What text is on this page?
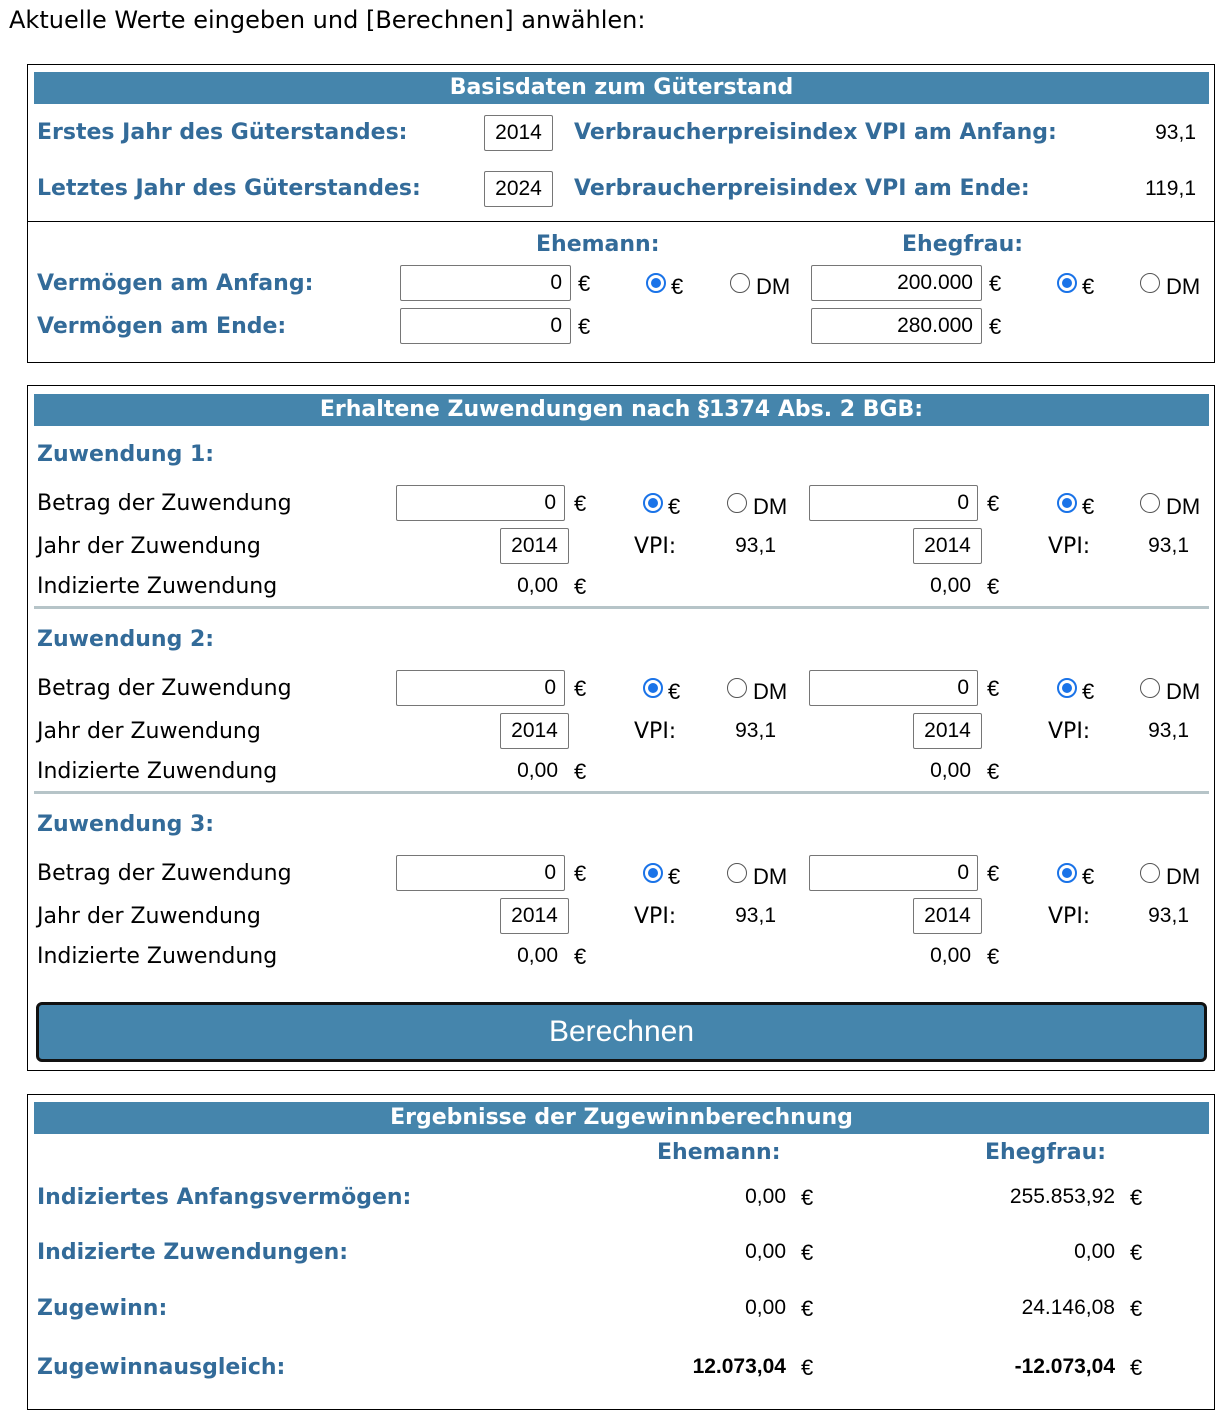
Aktuelle Werte eingeben und [Berechnen] anwählen:
Basisdaten zum Güterstand
Erstes Jahr des Güterstandes:	2014	Verbraucherpreisindex VPI am Anfang:	93,1
Letztes Jahr des Güterstandes:	2024	Verbraucherpreisindex VPI am Ende:	119,1
Ehemann:	Ehegfrau:
Vermögen am Anfang:	0 €	€	DM	200.000 €	€	DM
Vermögen am Ende:	0 €	280.000 €
Erhaltene Zuwendungen nach §1374 Abs. 2 BGB:
Zuwendung 1:
Betrag der Zuwendung	0 €	€	DM	0 €	€	DM
Jahr der Zuwendung	2014	VPI:	93,1	2014	VPI:	93,1
Indizierte Zuwendung	0,00 €	0,00 €
Zuwendung 2:
Betrag der Zuwendung	0 €	€	DM	0 €	€	DM
Jahr der Zuwendung	2014	VPI:	93,1	2014	VPI:	93,1
Indizierte Zuwendung	0,00 €	0,00 €
Zuwendung 3:
Betrag der Zuwendung	0 €	€	DM	0 €	€	DM
Jahr der Zuwendung	2014	VPI:	93,1	2014	VPI:	93,1
Indizierte Zuwendung	0,00 €	0,00 €
Berechnen
Ergebnisse der Zugewinnberechnung
Ehemann:	Ehegfrau:
Indiziertes Anfangsvermögen:	0,00 €	255.853,92 €
Indizierte Zuwendungen:	0,00 €	0,00 €
Zugewinn:	0,00 €	24.146,08 €
Zugewinnausgleich:	12.073,04 €	-12.073,04 €
